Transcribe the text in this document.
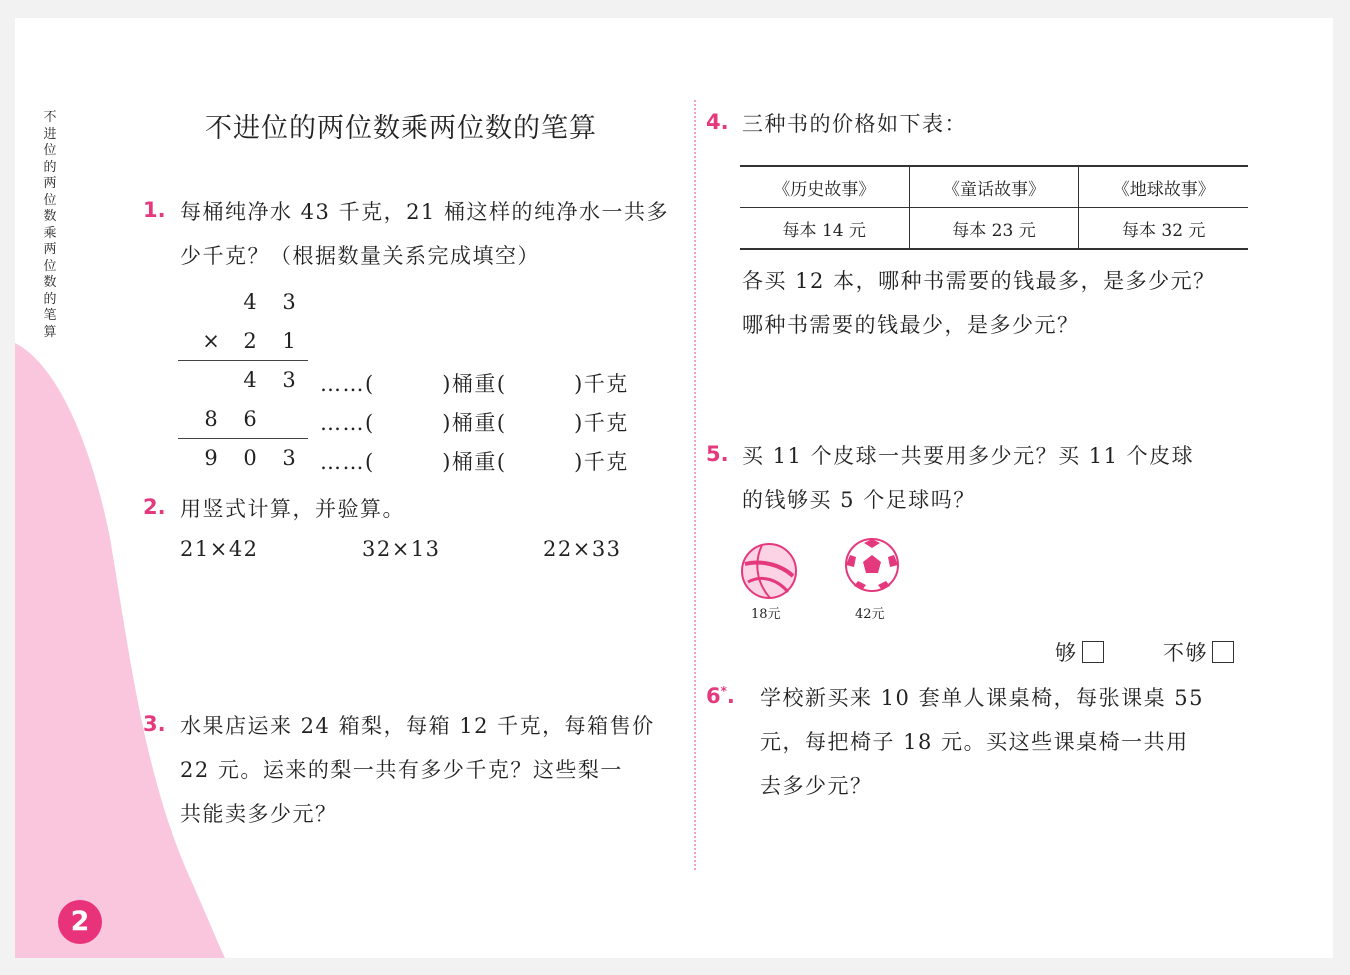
不进位的两位数乘两位数的笔算
不进位的两位数乘两位数的笔算
1. 每桶纯净水 43 千克，21 桶这样的纯净水一共多
少千克？（根据数量关系完成填空）
4 3
× 2 1
4 3 ……(　　　)桶重(　　　)千克
8 6	……(　　　)桶重(　　　)千克
9 0 3 ……(　　　)桶重(　　　)千克
2. 用竖式计算，并验算。
21×42	32×13	22×33
3. 水果店运来 24 箱梨，每箱 12 千克，每箱售价
22 元。运来的梨一共有多少千克？这些梨一
共能卖多少元？
4. 三种书的价格如下表：
《历史故事》	《童话故事》	《地球故事》
每本 14 元	每本 23 元	每本 32 元
各买 12 本，哪种书需要的钱最多，是多少元？
哪种书需要的钱最少，是多少元？
5. 买 11 个皮球一共要用多少元？买 11 个皮球
的钱够买 5 个足球吗？
18元	42元
够	不够
6*. 学校新买来 10 套单人课桌椅，每张课桌 55
元，每把椅子 18 元。买这些课桌椅一共用
去多少元？
2
